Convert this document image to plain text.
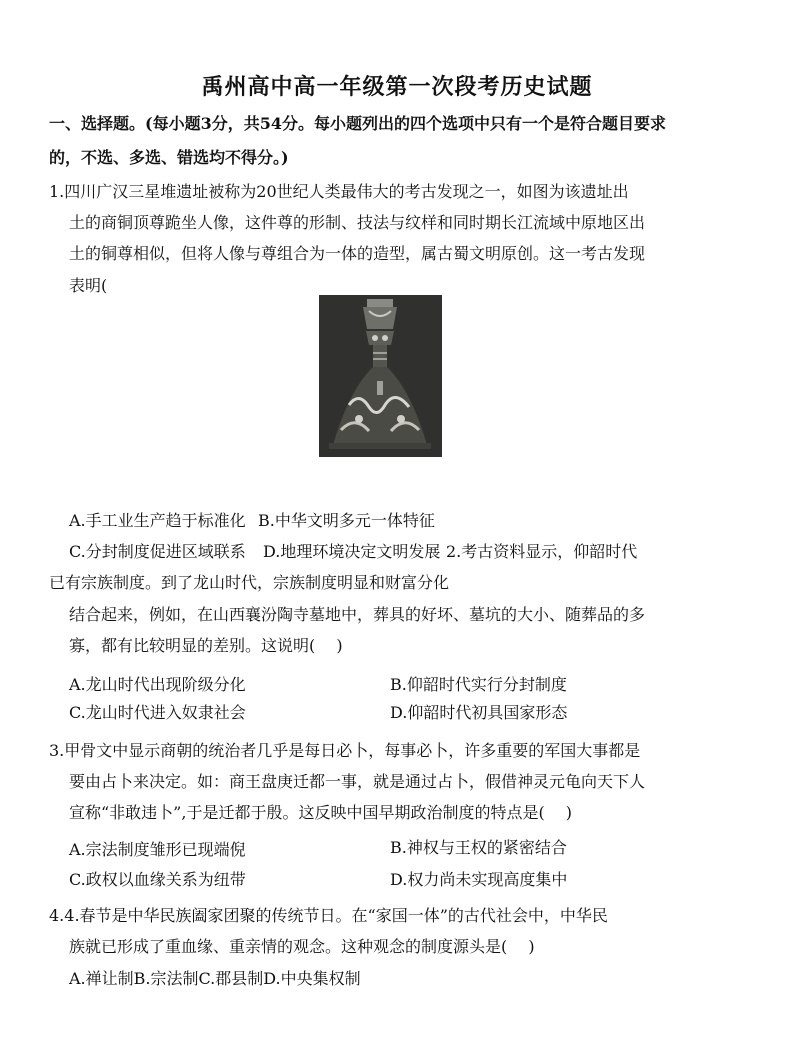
禹州高中高一年级第一次段考历史试题
一、选择题。(每小题3分，共54分。每小题列出的四个选项中只有一个是符合题目要求
的，不选、多选、错选均不得分。)
1.四川广汉三星堆遗址被称为20世纪人类最伟大的考古发现之一，如图为该遗址出
土的商铜顶尊跪坐人像，这件尊的形制、技法与纹样和同时期长江流域中原地区出
土的铜尊相似，但将人像与尊组合为一体的造型，属古蜀文明原创。这一考古发现
表明(
A.手工业生产趋于标准化 B.中华文明多元一体特征
C.分封制度促进区域联系 D.地理环境决定文明发展 2.考古资料显示，仰韶时代
已有宗族制度。到了龙山时代，宗族制度明显和财富分化
结合起来，例如，在山西襄汾陶寺墓地中，葬具的好坏、墓坑的大小、随葬品的多
寡，都有比较明显的差别。这说明(　 )
A.龙山时代出现阶级分化	B.仰韶时代实行分封制度
C.龙山时代进入奴隶社会	D.仰韶时代初具国家形态
3.甲骨文中显示商朝的统治者几乎是每日必卜，每事必卜，许多重要的军国大事都是
要由占卜来决定。如：商王盘庚迁都一事，就是通过占卜，假借神灵元龟向天下人
宣称“非敢违卜”,于是迁都于殷。这反映中国早期政治制度的特点是(　 )
A.宗法制度雏形已现端倪	B.神权与王权的紧密结合
C.政权以血缘关系为纽带	D.权力尚未实现高度集中
4.4.春节是中华民族阖家团聚的传统节日。在“家国一体”的古代社会中，中华民
族就已形成了重血缘、重亲情的观念。这种观念的制度源头是(　 )
A.禅让制B.宗法制C.郡县制D.中央集权制
